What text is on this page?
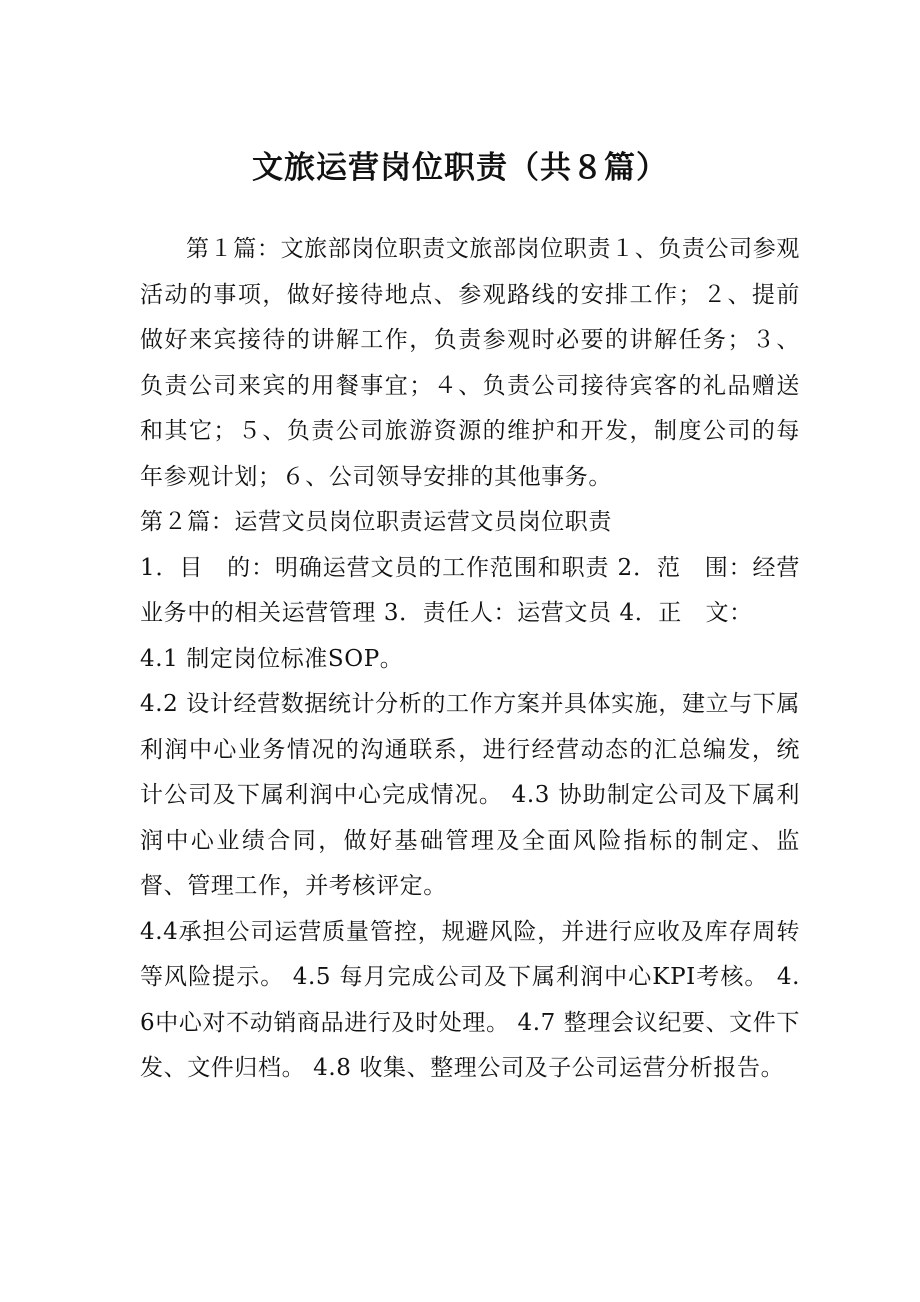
文旅运营岗位职责（共８篇）

第１篇：文旅部岗位职责文旅部岗位职责１、负责公司参观活动的事项，做好接待地点、参观路线的安排工作；２、提前做好来宾接待的讲解工作，负责参观时必要的讲解任务；３、负责公司来宾的用餐事宜；４、负责公司接待宾客的礼品赠送和其它；５、负责公司旅游资源的维护和开发，制度公司的每年参观计划；６、公司领导安排的其他事务。

第２篇：运营文员岗位职责运营文员岗位职责

1．目　的：明确运营文员的工作范围和职责 2．范　围：经营业务中的相关运营管理 3．责任人：运营文员 4．正　文：

4.1 制定岗位标准SOP。

4.2 设计经营数据统计分析的工作方案并具体实施，建立与下属利润中心业务情况的沟通联系，进行经营动态的汇总编发，统计公司及下属利润中心完成情况。 4.3 协助制定公司及下属利润中心业绩合同，做好基础管理及全面风险指标的制定、监督、管理工作，并考核评定。

4.4承担公司运营质量管控，规避风险，并进行应收及库存周转等风险提示。 4.5 每月完成公司及下属利润中心KPI考核。 4.6中心对不动销商品进行及时处理。 4.7 整理会议纪要、文件下发、文件归档。 4.8 收集、整理公司及子公司运营分析报告。
